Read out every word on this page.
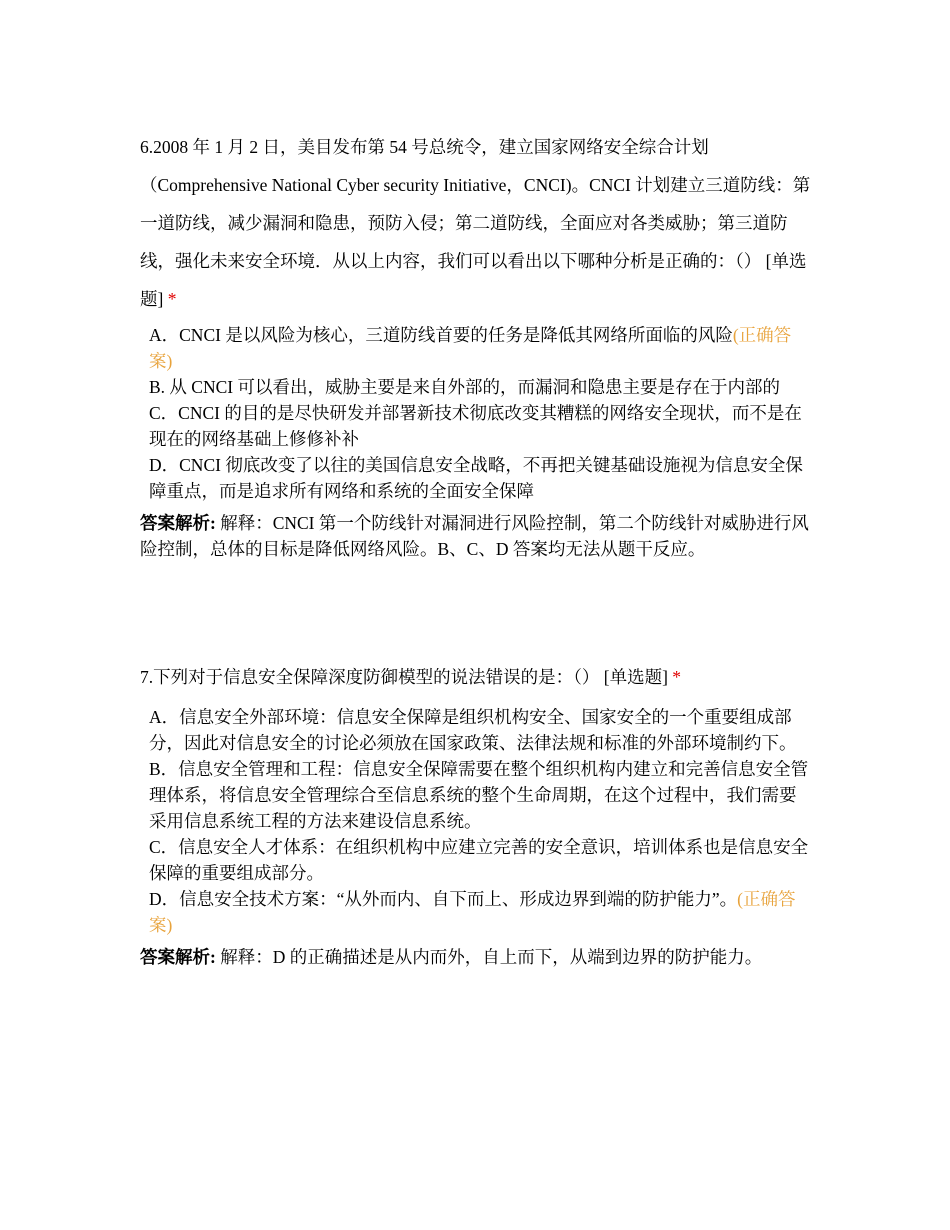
6.2008 年 1 月 2 日，美目发布第 54 号总统令，建立国家网络安全综合计划（Comprehensive National Cyber security Initiative，CNCI)。CNCI 计划建立三道防线：第一道防线，减少漏洞和隐患，预防入侵；第二道防线，全面应对各类威胁；第三道防线，强化未来安全环境．从以上内容，我们可以看出以下哪种分析是正确的：（） [单选题] *

A．CNCI 是以风险为核心，三道防线首要的任务是降低其网络所面临的风险(正确答案)

B. 从 CNCI 可以看出，威胁主要是来自外部的，而漏洞和隐患主要是存在于内部的

C．CNCI 的目的是尽快研发并部署新技术彻底改变其糟糕的网络安全现状，而不是在现在的网络基础上修修补补

D．CNCI 彻底改变了以往的美国信息安全战略，不再把关键基础设施视为信息安全保障重点，而是追求所有网络和系统的全面安全保障

答案解析: 解释：CNCI 第一个防线针对漏洞进行风险控制，第二个防线针对威胁进行风险控制，总体的目标是降低网络风险。B、C、D 答案均无法从题干反应。

7.下列对于信息安全保障深度防御模型的说法错误的是：（） [单选题] *

A．信息安全外部环境：信息安全保障是组织机构安全、国家安全的一个重要组成部分，因此对信息安全的讨论必须放在国家政策、法律法规和标准的外部环境制约下。

B．信息安全管理和工程：信息安全保障需要在整个组织机构内建立和完善信息安全管理体系，将信息安全管理综合至信息系统的整个生命周期，在这个过程中，我们需要采用信息系统工程的方法来建设信息系统。

C．信息安全人才体系：在组织机构中应建立完善的安全意识，培训体系也是信息安全保障的重要组成部分。

D．信息安全技术方案：“从外而内、自下而上、形成边界到端的防护能力”。(正确答案)

答案解析: 解释：D 的正确描述是从内而外，自上而下，从端到边界的防护能力。
